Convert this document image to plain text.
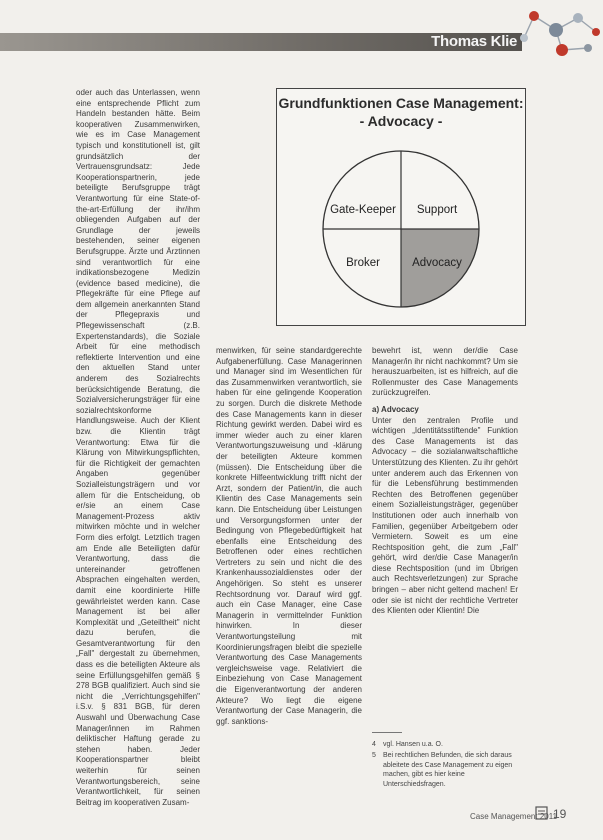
Thomas Klie

oder auch das Unterlassen, wenn eine entsprechende Pflicht zum Handeln bestanden hätte. Beim kooperativen Zusammenwirken, wie es im Case Management typisch und konstitutionell ist, gilt grundsätzlich der Vertrauensgrundsatz: Jede Kooperationspartnerin, jede beteiligte Berufsgruppe trägt Verantwortung für eine State-of-the-art-Erfüllung der ihr/ihm obliegenden Aufgaben auf der Grundlage der jeweils bestehenden, seiner eigenen Berufsgruppe. Ärzte und Ärztinnen sind verantwortlich für eine indikationsbezogene Medizin (evidence based medicine), die Pflegekräfte für eine Pflege auf dem allgemein anerkannten Stand der Pflegepraxis und Pflegewissenschaft (z.B. Expertenstandards), die Soziale Arbeit für eine methodisch reflektierte Intervention und eine den aktuellen Stand unter anderem des Sozialrechts berücksichtigende Beratung, die Sozialversicherungsträger für eine sozialrechtskonforme Handlungsweise. Auch der Klient bzw. die Klientin trägt Verantwortung: Etwa für die Klärung von Mitwirkungspflichten, für die Richtigkeit der gemachten Angaben gegenüber Sozialleistungsträgern und vor allem für die Entscheidung, ob er/sie an einem Case Management-Prozess aktiv mitwirken möchte und in welcher Form dies erfolgt. Letztlich tragen am Ende alle Beteiligten dafür Verantwortung, dass die untereinander getroffenen Absprachen eingehalten werden, damit eine koordinierte Hilfe gewährleistet werden kann. Case Management ist bei aller Komplexität und „Geteiltheit" nicht dazu berufen, die Gesamtverantwortung für den „Fall" dergestalt zu übernehmen, dass es die beteiligten Akteure als seine Erfüllungsgehilfen gemäß § 278 BGB qualifiziert. Auch sind sie nicht die „Verrichtungsgehilfen" i.S.v. § 831 BGB, für deren Auswahl und Überwachung Case Manager/innen im Rahmen deliktischer Haftung gerade zu stehen haben. Jeder Kooperationspartner bleibt weiterhin für seinen Verantwortungsbereich, seine Verantwortlichkeit, für seinen Beitrag im kooperativen Zusam-

Grundfunktionen Case Management:
- Advocacy -
Gate-Keeper Support
Broker	Advocacy

menwirken, für seine standardgerechte Aufgabenerfüllung. Case Managerinnen und Manager sind im Wesentlichen für das Zusammenwirken verantwortlich, sie haben für eine gelingende Kooperation zu sorgen. Durch die diskrete Methode des Case Managements kann in dieser Richtung gewirkt werden. Dabei wird es immer wieder auch zu einer klaren Verantwortungszuweisung und -klärung der beteiligten Akteure kommen (müssen). Die Entscheidung über die konkrete Hilfeentwicklung trifft nicht der Arzt, sondern der Patient/in, die auch Klientin des Case Managements sein kann. Die Entscheidung über Leistungen und Versorgungsformen unter der Bedingung von Pflegebedürftigkeit hat ebenfalls eine Entscheidung des Betroffenen oder eines rechtlichen Vertreters zu sein und nicht die des Krankenhaussozialdienstes oder der Angehörigen. So steht es unserer Rechtsordnung vor. Darauf wird ggf. auch ein Case Manager, eine Case Managerin in vermittelnder Funktion hinwirken. In dieser Verantwortungsteilung mit Koordinierungsfragen bleibt die spezielle Verantwortung des Case Managements vergleichsweise vage. Relativiert die Einbeziehung von Case Management die Eigenverantwortung der anderen Akteure? Wo liegt die eigene Verantwortung der Case Managerin, die ggf. sanktions-

bewehrt ist, wenn der/die Case Manager/in ihr nicht nachkommt? Um sie herauszuarbeiten, ist es hilfreich, auf die Rollenmuster des Case Managements zurückzugreifen.

a) Advocacy

Unter den zentralen Profile und wichtigen „Identitätsstiftende" Funktion des Case Managements ist das Advocacy – die sozialanwaltschaftliche Unterstützung des Klienten. Zu ihr gehört unter anderem auch das Erkennen von für die Lebensführung bestimmenden Rechten des Betroffenen gegenüber einem Sozialleistungsträger, gegenüber Institutionen oder auch innerhalb von Familien, gegenüber Arbeitgebern oder Vermietern. Soweit es um eine Rechtsposition geht, die zum „Fall" gehört, wird der/die Case Manager/in diese Rechtsposition (und im Übrigen auch Rechtsverletzungen) zur Sprache bringen – aber nicht geltend machen! Er oder sie ist nicht der rechtliche Vertreter des Klienten oder Klientin! Die

4 vgl. Hansen u.a. O.
5 Bei rechtlichen Befunden, die sich daraus ableitete des Case Management zu eigen machen, gibt es hier keine Unterschiedsfragen.
Case Management 2011
19
